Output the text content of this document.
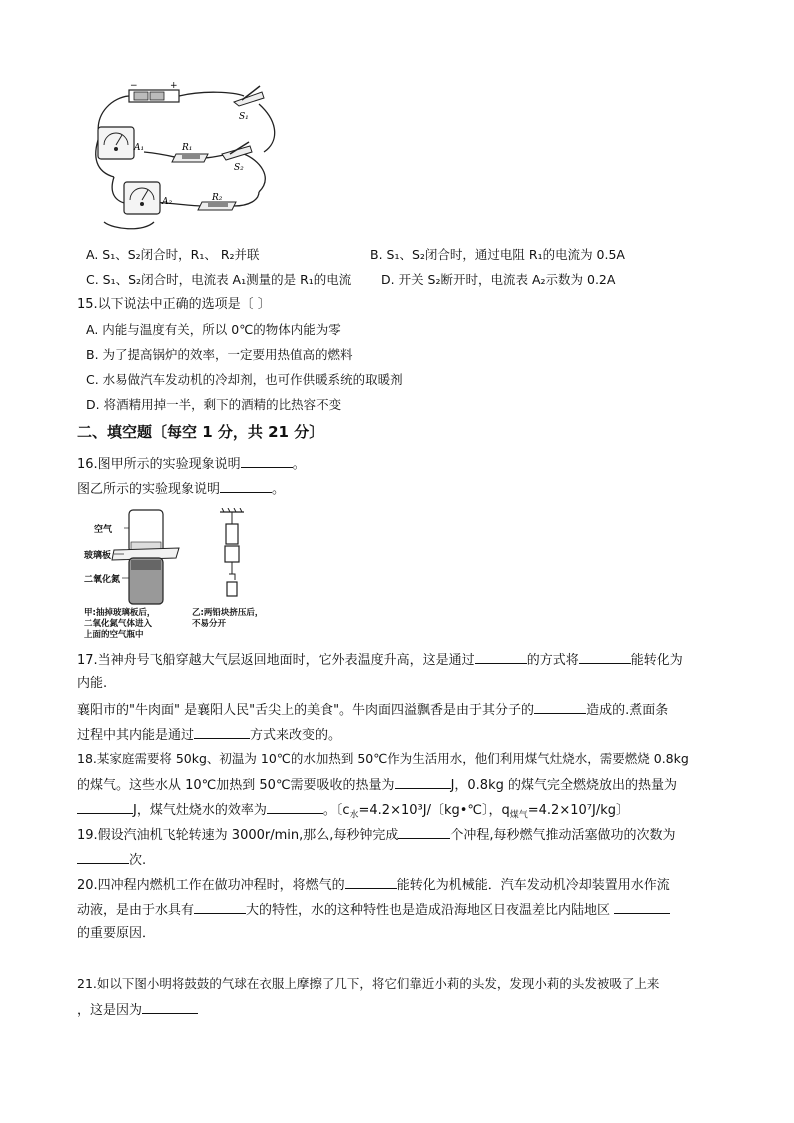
−	+
S₁
A₁	R₁
S₂
A₂	R₂
A. S₁、S₂闭合时，R₁、 R₂并联	B. S₁、S₂闭合时，通过电阻 R₁的电流为 0.5A
C. S₁、S₂闭合时，电流表 A₁测量的是 R₁的电流 D. 开关 S₂断开时，电流表 A₂示数为 0.2A
15.以下说法中正确的选项是〔 〕
A. 内能与温度有关，所以 0℃的物体内能为零
B. 为了提高锅炉的效率，一定要用热值高的燃料
C. 水易做汽车发动机的冷却剂，也可作供暖系统的取暖剂
D. 将酒精用掉一半，剩下的酒精的比热容不变
二、填空题〔每空 1 分，共 21 分〕
16.图甲所示的实验现象说明	。
图乙所示的实验现象说明	。
空气
玻璃板
二氧化氮
甲:抽掉玻璃板后，
二氧化氮气体进入
上面的空气瓶中
乙:两铅块挤压后，
不易分开
17.当神舟号飞船穿越大气层返回地面时，它外表温度升高，这是通过	的方式将	能转化为
内能.
襄阳市的"牛肉面" 是襄阳人民"舌尖上的美食"。牛肉面四溢飘香是由于其分子的	造成的.煮面条
过程中其内能是通过	方式来改变的。
18.某家庭需要将 50kg、初温为 10℃的水加热到 50℃作为生活用水，他们利用煤气灶烧水，需要燃烧 0.8kg
的煤气。这些水从 10℃加热到 50℃需要吸收的热量为	J，0.8kg 的煤气完全燃烧放出的热量为
J，煤气灶烧水的效率为	。〔$c_水=4.2\times 10^3J/$〔kg•℃〕，$q_{煤气}=4.2\times 10^7J/kg$〕
19.假设汽油机飞轮转速为 3000r/min,那么,每秒钟完成	个冲程,每秒燃气推动活塞做功的次数为
次.
20.四冲程内燃机工作在做功冲程时，将燃气的	能转化为机械能．汽车发动机冷却装置用水作流
动液，是由于水具有	大的特性，水的这种特性也是造成沿海地区日夜温差比内陆地区
的重要原因．
21.如以下图小明将鼓鼓的气球在衣服上摩擦了几下，将它们靠近小莉的头发，发现小莉的头发被吸了上来
，这是因为
